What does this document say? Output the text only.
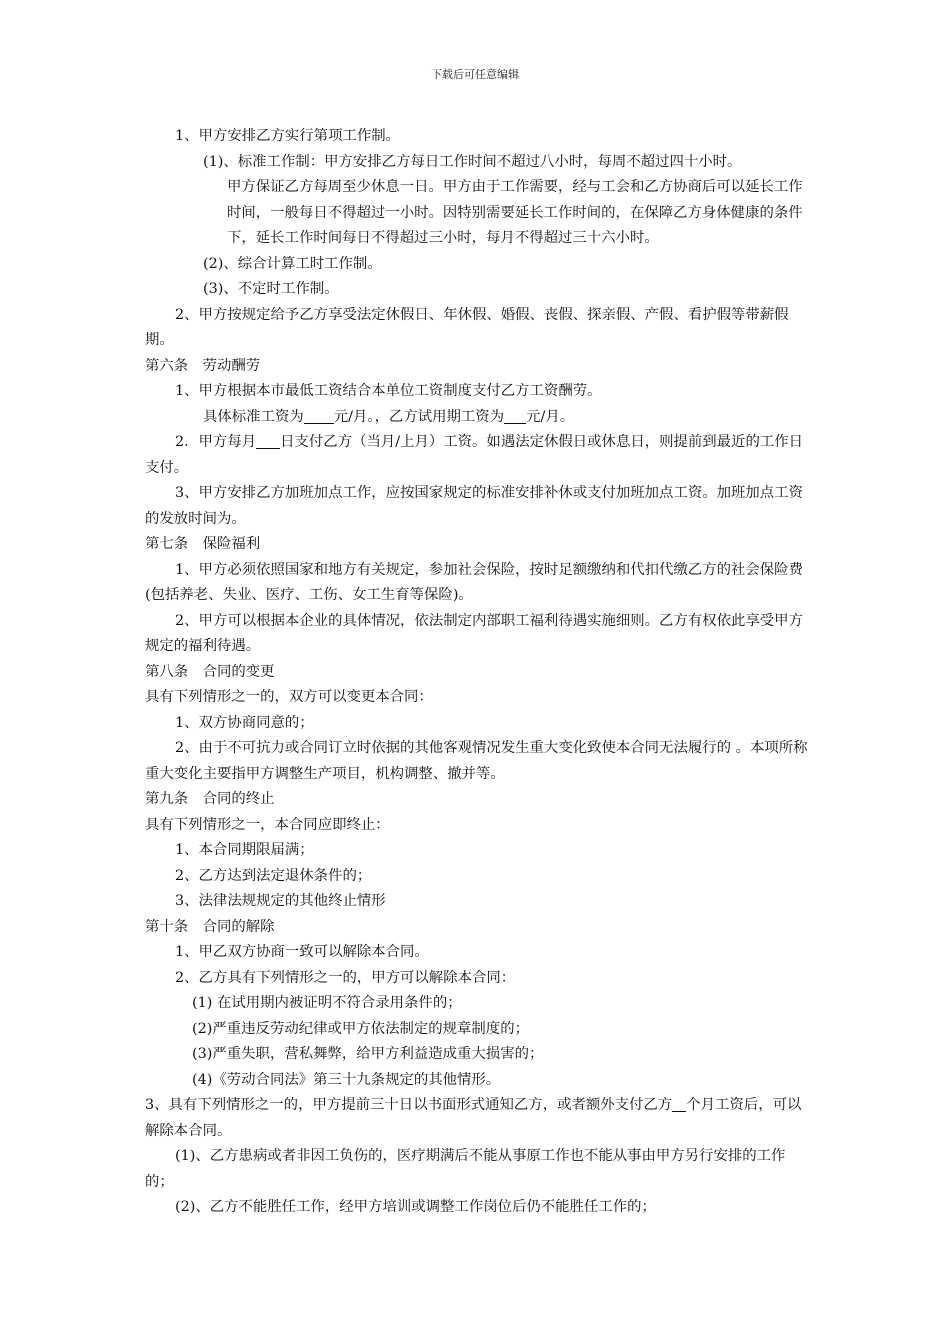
下载后可任意编辑

1、甲方安排乙方实行第项工作制。

(1)、标准工作制：甲方安排乙方每日工作时间不超过八小时，每周不超过四十小时。

甲方保证乙方每周至少休息一日。甲方由于工作需要，经与工会和乙方协商后可以延长工作 时间，一般每日不得超过一小时。因特别需要延长工作时间的，在保障乙方身体健康的条件下，延长工作时间每日不得超过三小时，每月不得超过三十六小时。

(2)、综合计算工时工作制。

(3)、不定时工作制。

2、甲方按规定给予乙方享受法定休假日、年休假、婚假、丧假、探亲假、产假、看护假等带薪假期。

第六条　劳动酬劳

1、甲方根据本市最低工资结合本单位工资制度支付乙方工资酬劳。

具体标准工资为 元/月。，乙方试用期工资为 元/月。

2．甲方每月 日支付乙方（当月/上月）工资。如遇法定休假日或休息日，则提前到最近的工作日支付。

3、甲方安排乙方加班加点工作，应按国家规定的标准安排补休或支付加班加点工资。加班加点工资的发放时间为。

第七条　保险福利

1、甲方必须依照国家和地方有关规定，参加社会保险，按时足额缴纳和代扣代缴乙方的社会保险费(包括养老、失业、医疗、工伤、女工生育等保险)。

2、甲方可以根据本企业的具体情况，依法制定内部职工福利待遇实施细则。乙方有权依此享受甲方规定的福利待遇。

第八条　合同的变更

具有下列情形之一的，双方可以变更本合同：

1、双方协商同意的；

2、由于不可抗力或合同订立时依据的其他客观情况发生重大变化致使本合同无法履行的 。本项所称重大变化主要指甲方调整生产项目，机构调整、撤并等。

第九条　合同的终止

具有下列情形之一，本合同应即终止：

1、本合同期限届满；

2、乙方达到法定退休条件的；

3、法律法规规定的其他终止情形

第十条　合同的解除

1、甲乙双方协商一致可以解除本合同。

2、乙方具有下列情形之一的，甲方可以解除本合同：

(1) 在试用期内被证明不符合录用条件的；

(2)严重违反劳动纪律或甲方依法制定的规章制度的；

(3)严重失职，营私舞弊，给甲方利益造成重大损害的；

(4)《劳动合同法》第三十九条规定的其他情形。

3、具有下列情形之一的，甲方提前三十日以书面形式通知乙方，或者额外支付乙方 个月工资后，可以解除本合同。

(1)、乙方患病或者非因工负伤的，医疗期满后不能从事原工作也不能从事由甲方另行安排的工作的；

(2)、乙方不能胜任工作，经甲方培训或调整工作岗位后仍不能胜任工作的；
